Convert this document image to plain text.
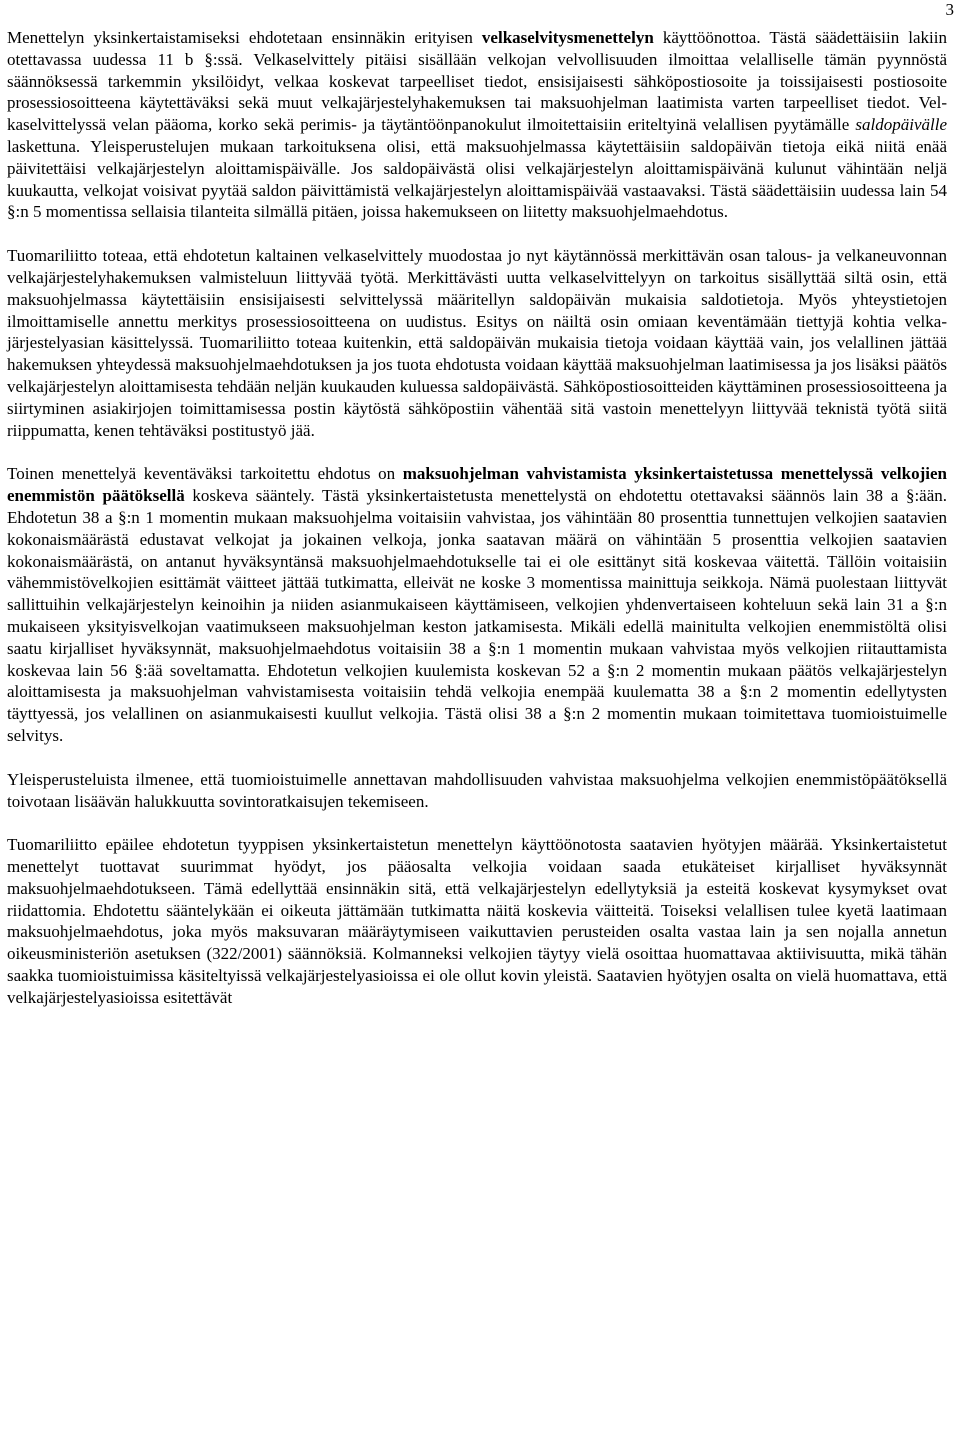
3

Menettelyn yksinkertaistamiseksi ehdotetaan ensinnäkin erityisen velkaselvitysmenettelyn käyttöönottoa. Tästä säädettäisiin lakiin otettavassa uudessa 11 b §:ssä. Velkaselvittely pitäisi sisällään velkojan velvollisuuden ilmoittaa velalliselle tämän pyynnöstä säännöksessä tarkemmin yksilöidyt, velkaa koskevat tarpeelliset tiedot, ensisijaisesti sähköpostiosoite ja toissijaisesti postiosoite prosessiosoitteena käytettäväksi sekä muut velkajärjestelyhakemuksen tai maksuohjelman laatimista varten tarpeelliset tiedot. Velkaselvittelyssä velan pääoma, korko sekä perimis- ja täytäntöönpanokulut ilmoitettaisiin eriteltyinä velallisen pyytämälle saldopäivälle laskettuna. Yleisperustelujen mukaan tarkoituksena olisi, että maksuohjelmassa käytettäisiin saldopäivän tietoja eikä niitä enää päivitettäisi velkajärjestelyn aloittamispäivälle. Jos saldopäivästä olisi velkajärjestelyn aloittamispäivänä kulunut vähintään neljä kuukautta, velkojat voisivat pyytää saldon päivittämistä velkajärjestelyn aloittamispäivää vastaavaksi. Tästä säädettäisiin uudessa lain 54 §:n 5 momentissa sellaisia tilanteita silmällä pitäen, joissa hakemukseen on liitetty maksuohjelmaehdotus.

Tuomariliitto toteaa, että ehdotetun kaltainen velkaselvittely muodostaa jo nyt käytännössä merkittävän osan talous- ja velkaneuvonnan velkajärjestelyhakemuksen valmisteluun liittyvää työtä. Merkittävästi uutta velkaselvittelyyn on tarkoitus sisällyttää siltä osin, että maksuohjelmassa käytettäisiin ensisijaisesti selvittelyssä määritellyn saldopäivän mukaisia saldotietoja. Myös yhteystietojen ilmoittamiselle annettu merkitys prosessiosoitteena on uudistus. Esitys on näiltä osin omiaan keventämään tiettyjä kohtia velkajärjestelyasian käsittelyssä. Tuomariliitto toteaa kuitenkin, että saldopäivän mukaisia tietoja voidaan käyttää vain, jos velallinen jättää hakemuksen yhteydessä maksuohjelmaehdotuksen ja jos tuota ehdotusta voidaan käyttää maksuohjelman laatimisessa ja jos lisäksi päätös velkajärjestelyn aloittamisesta tehdään neljän kuukauden kuluessa saldopäivästä. Sähköpostiosoitteiden käyttäminen prosessiosoitteena ja siirtyminen asiakirjojen toimittamisessa postin käytöstä sähköpostiin vähentää sitä vastoin menettelyyn liittyvää teknistä työtä siitä riippumatta, kenen tehtäväksi postitustyö jää.

Toinen menettelyä keventäväksi tarkoitettu ehdotus on maksuohjelman vahvistamista yksinkertaistetussa menettelyssä velkojien enemmistön päätöksellä koskeva sääntely. Tästä yksinkertaistetusta menettelystä on ehdotettu otettavaksi säännös lain 38 a §:ään. Ehdotetun 38 a §:n 1 momentin mukaan maksuohjelma voitaisiin vahvistaa, jos vähintään 80 prosenttia tunnettujen velkojien saatavien kokonaismäärästä edustavat velkojat ja jokainen velkoja, jonka saatavan määrä on vähintään 5 prosenttia velkojien saatavien kokonaismäärästä, on antanut hyväksyntänsä maksuohjelmaehdotukselle tai ei ole esittänyt sitä koskevaa väitettä. Tällöin voitaisiin vähemmistövelkojien esittämät väitteet jättää tutkimatta, elleivät ne koske 3 momentissa mainittuja seikkoja. Nämä puolestaan liittyvät sallittuihin velkajärjestelyn keinoihin ja niiden asianmukaiseen käyttämiseen, velkojien yhdenvertaiseen kohteluun sekä lain 31 a §:n mukaiseen yksityisvelkojan vaatimukseen maksuohjelman keston jatkamisesta. Mikäli edellä mainitulta velkojien enemmistöltä olisi saatu kirjalliset hyväksynnät, maksuohjelmaehdotus voitaisiin 38 a §:n 1 momentin mukaan vahvistaa myös velkojien riitauttamista koskevaa lain 56 §:ää soveltamatta. Ehdotetun velkojien kuulemista koskevan 52 a §:n 2 momentin mukaan päätös velkajärjestelyn aloittamisesta ja maksuohjelman vahvistamisesta voitaisiin tehdä velkojia enempää kuulematta 38 a §:n 2 momentin edellytysten täyttyessä, jos velallinen on asianmukaisesti kuullut velkojia. Tästä olisi 38 a §:n 2 momentin mukaan toimitettava tuomioistuimelle selvitys.

Yleisperusteluista ilmenee, että tuomioistuimelle annettavan mahdollisuuden vahvistaa maksuohjelma velkojien enemmistöpäätöksellä toivotaan lisäävän halukkuutta sovintoratkaisujen tekemiseen.

Tuomariliitto epäilee ehdotetun tyyppisen yksinkertaistetun menettelyn käyttöönotosta saatavien hyötyjen määrää. Yksinkertaistetut menettelyt tuottavat suurimmat hyödyt, jos pääosalta velkojia voidaan saada etukäteiset kirjalliset hyväksynnät maksuohjelmaehdotukseen. Tämä edellyttää ensinnäkin sitä, että velkajärjestelyn edellytyksiä ja esteitä koskevat kysymykset ovat riidattomia. Ehdotettu sääntelykään ei oikeuta jättämään tutkimatta näitä koskevia väitteitä. Toiseksi velallisen tulee kyetä laatimaan maksuohjelmaehdotus, joka myös maksuvaran määräytymiseen vaikuttavien perusteiden osalta vastaa lain ja sen nojalla annetun oikeusministeriön asetuksen (322/2001) säännöksiä. Kolmanneksi velkojien täytyy vielä osoittaa huomattavaa aktiivisuutta, mikä tähän saakka tuomioistuimissa käsiteltyissä velkajärjestelyasioissa ei ole ollut kovin yleistä. Saatavien hyötyjen osalta on vielä huomattava, että velkajärjestelyasioissa esitettävät
